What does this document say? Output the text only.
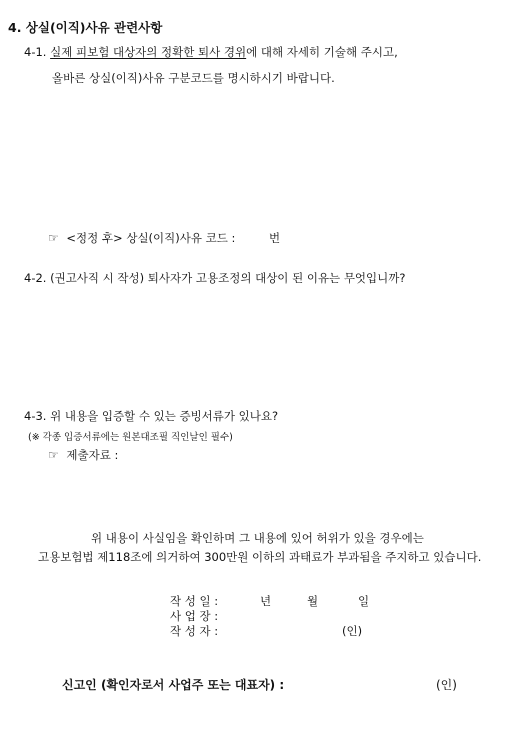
4. 상실(이직)사유 관련사항
4-1. 실제 피보험 대상자의 정확한 퇴사 경위에 대해 자세히 기술해 주시고,
올바른 상실(이직)사유 구분코드를 명시하시기 바랍니다.
☞ <정정 후> 상실(이직)사유 코드 :	번
4-2. (권고사직 시 작성) 퇴사자가 고용조정의 대상이 된 이유는 무엇입니까?
4-3. 위 내용을 입증할 수 있는 증빙서류가 있나요?
(※ 각종 입증서류에는 원본대조필 직인날인 필수)
☞ 제출자료 :
위 내용이 사실임을 확인하며 그 내용에 있어 허위가 있을 경우에는
고용보험법 제118조에 의거하여 300만원 이하의 과태료가 부과됨을 주지하고 있습니다.
작 성 일 :	년	월	일
사 업 장 :
작 성 자 :	(인)
신고인 (확인자로서 사업주 또는 대표자) :	(인)
